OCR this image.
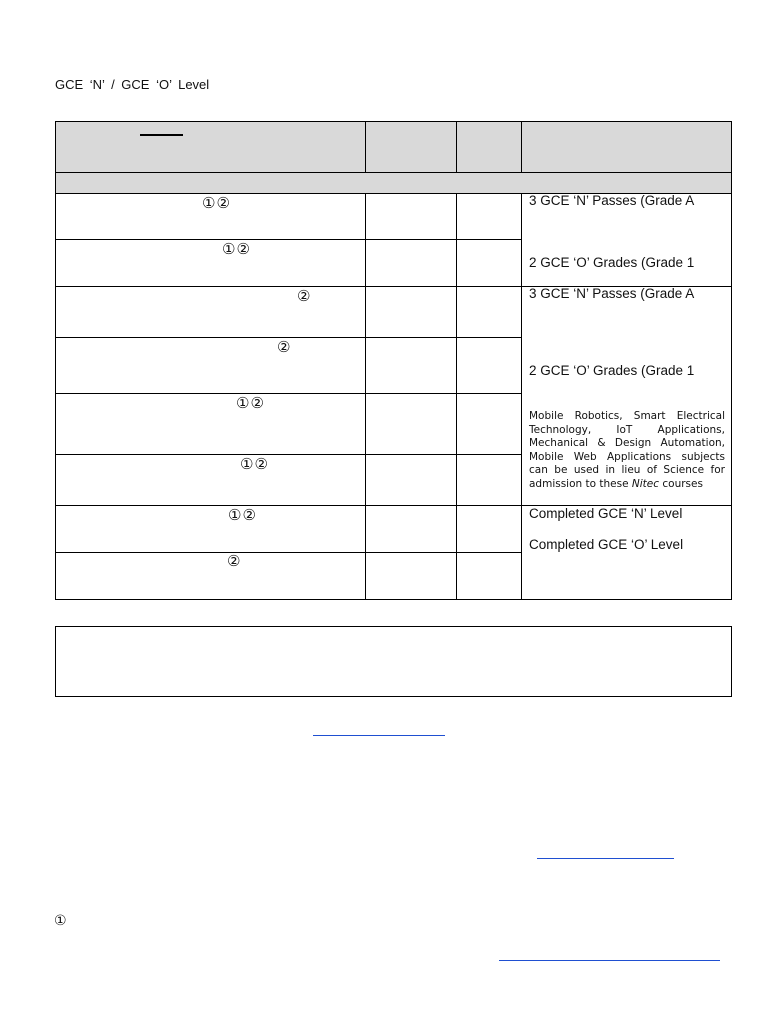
GCE ‘N’ / GCE ‘O’ Level
①②
①②
②
②
①②
①②
①②
②
3 GCE ‘N’ Passes (Grade A
2 GCE ‘O’ Grades (Grade 1
3 GCE ‘N’ Passes (Grade A
2 GCE ‘O’ Grades (Grade 1
Mobile Robotics, Smart Electrical Technology, IoT Applications, Mechanical & Design Automation, Mobile Web Applications subjects can be used in lieu of Science for admission to these Nitec courses
Completed GCE ‘N’ Level
Completed GCE ‘O’ Level
①
